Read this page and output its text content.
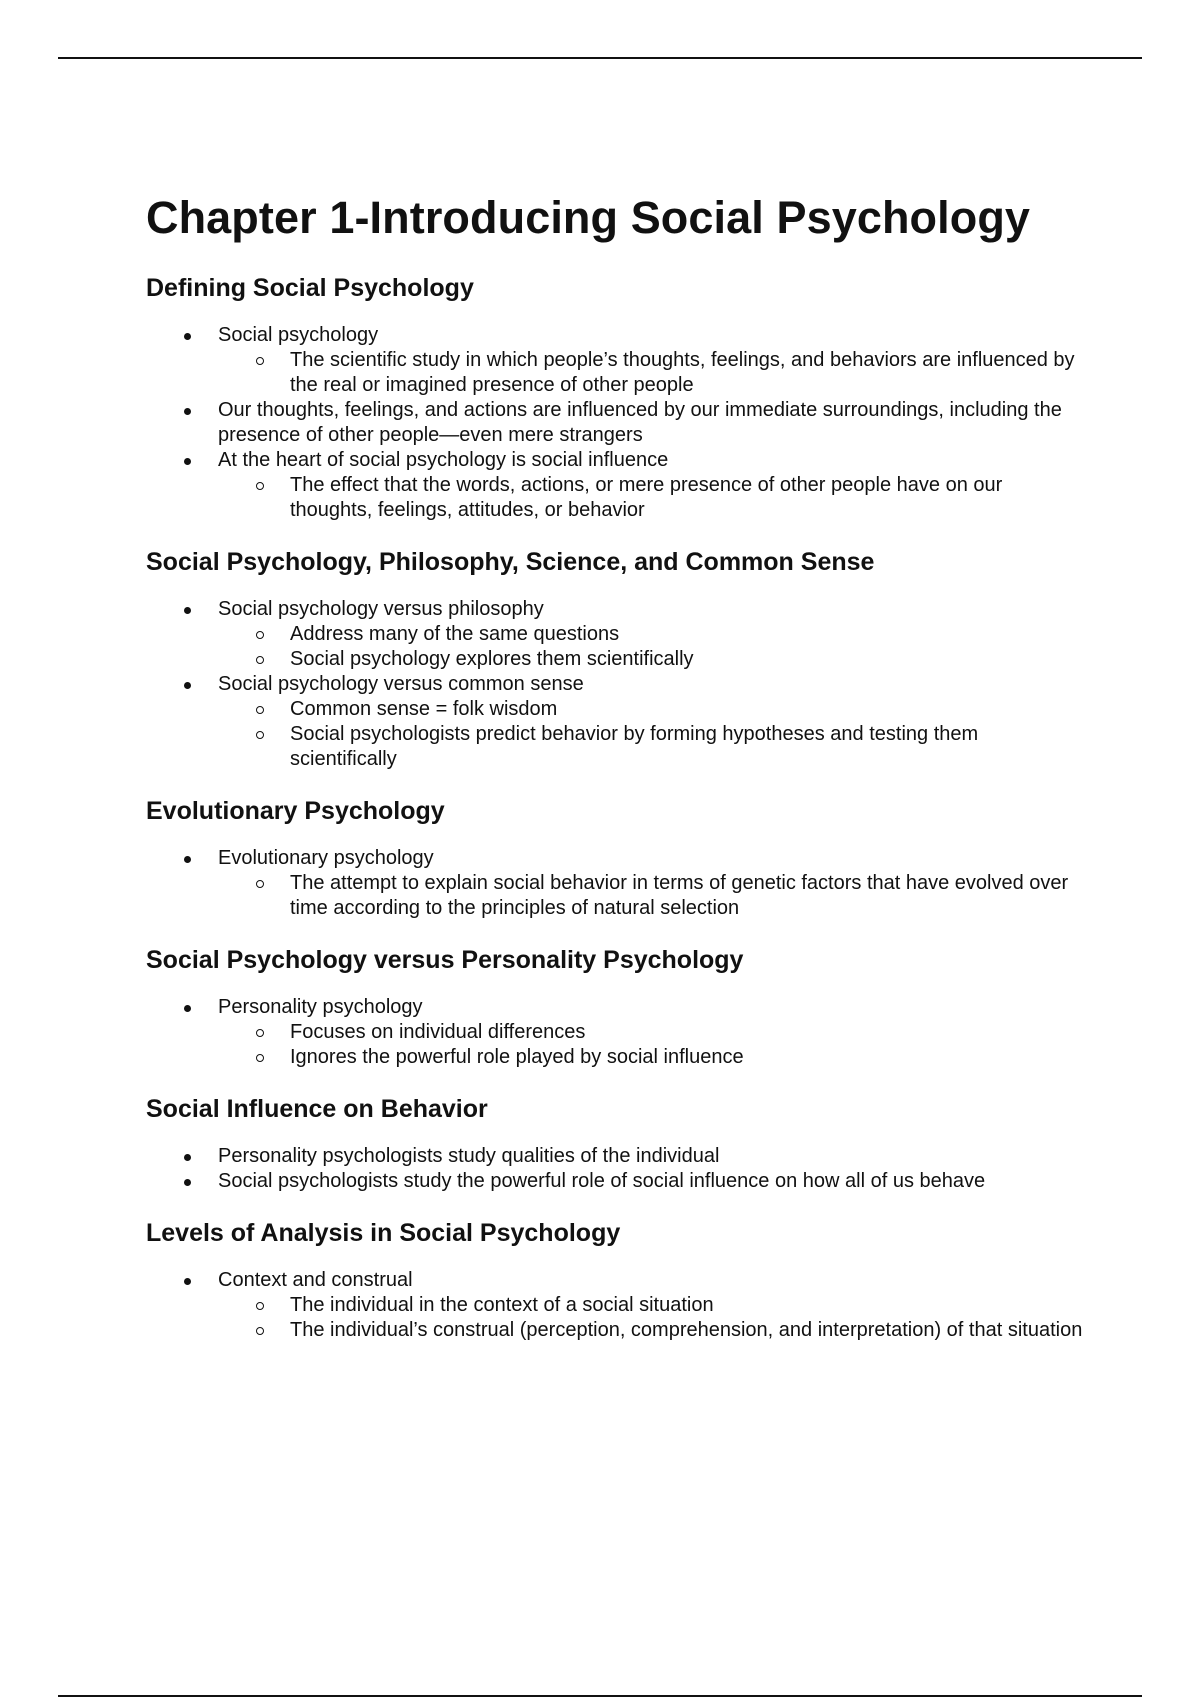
Chapter 1-Introducing Social Psychology
Defining Social Psychology
Social psychology
The scientific study in which people’s thoughts, feelings, and behaviors are influenced by the real or imagined presence of other people
Our thoughts, feelings, and actions are influenced by our immediate surroundings, including the presence of other people—even mere strangers
At the heart of social psychology is social influence
The effect that the words, actions, or mere presence of other people have on our thoughts, feelings, attitudes, or behavior
Social Psychology, Philosophy, Science, and Common Sense
Social psychology versus philosophy
Address many of the same questions
Social psychology explores them scientifically
Social psychology versus common sense
Common sense = folk wisdom
Social psychologists predict behavior by forming hypotheses and testing them scientifically
Evolutionary Psychology
Evolutionary psychology
The attempt to explain social behavior in terms of genetic factors that have evolved over time according to the principles of natural selection
Social Psychology versus Personality Psychology
Personality psychology
Focuses on individual differences
Ignores the powerful role played by social influence
Social Influence on Behavior
Personality psychologists study qualities of the individual
Social psychologists study the powerful role of social influence on how all of us behave
Levels of Analysis in Social Psychology
Context and construal
The individual in the context of a social situation
The individual’s construal (perception, comprehension, and interpretation) of that situation
